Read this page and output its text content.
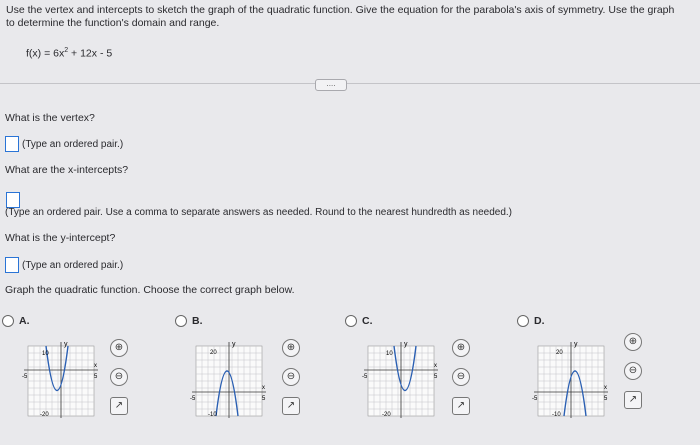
Use the vertex and intercepts to sketch the graph of the quadratic function. Give the equation for the parabola's axis of symmetry. Use the graph to determine the function's domain and range.
$f(x) = 6x^2 + 12x - 5$
....
What is the vertex?
(Type an ordered pair.)
What are the x-intercepts?
(Type an ordered pair. Use a comma to separate answers as needed. Round to the nearest hundredth as needed.)
What is the y-intercept?
(Type an ordered pair.)
Graph the quadratic function. Choose the correct graph below.
A.
y
x
10
-20
-5	5
⊕
⊖
↗
B.
y
x
20
-10
-5	5
⊕
⊖
↗
C.
y
x
10
-20
-5	5
⊕
⊖
↗
D.
y
x
20
-10
-5	5
⊕
⊖
↗
